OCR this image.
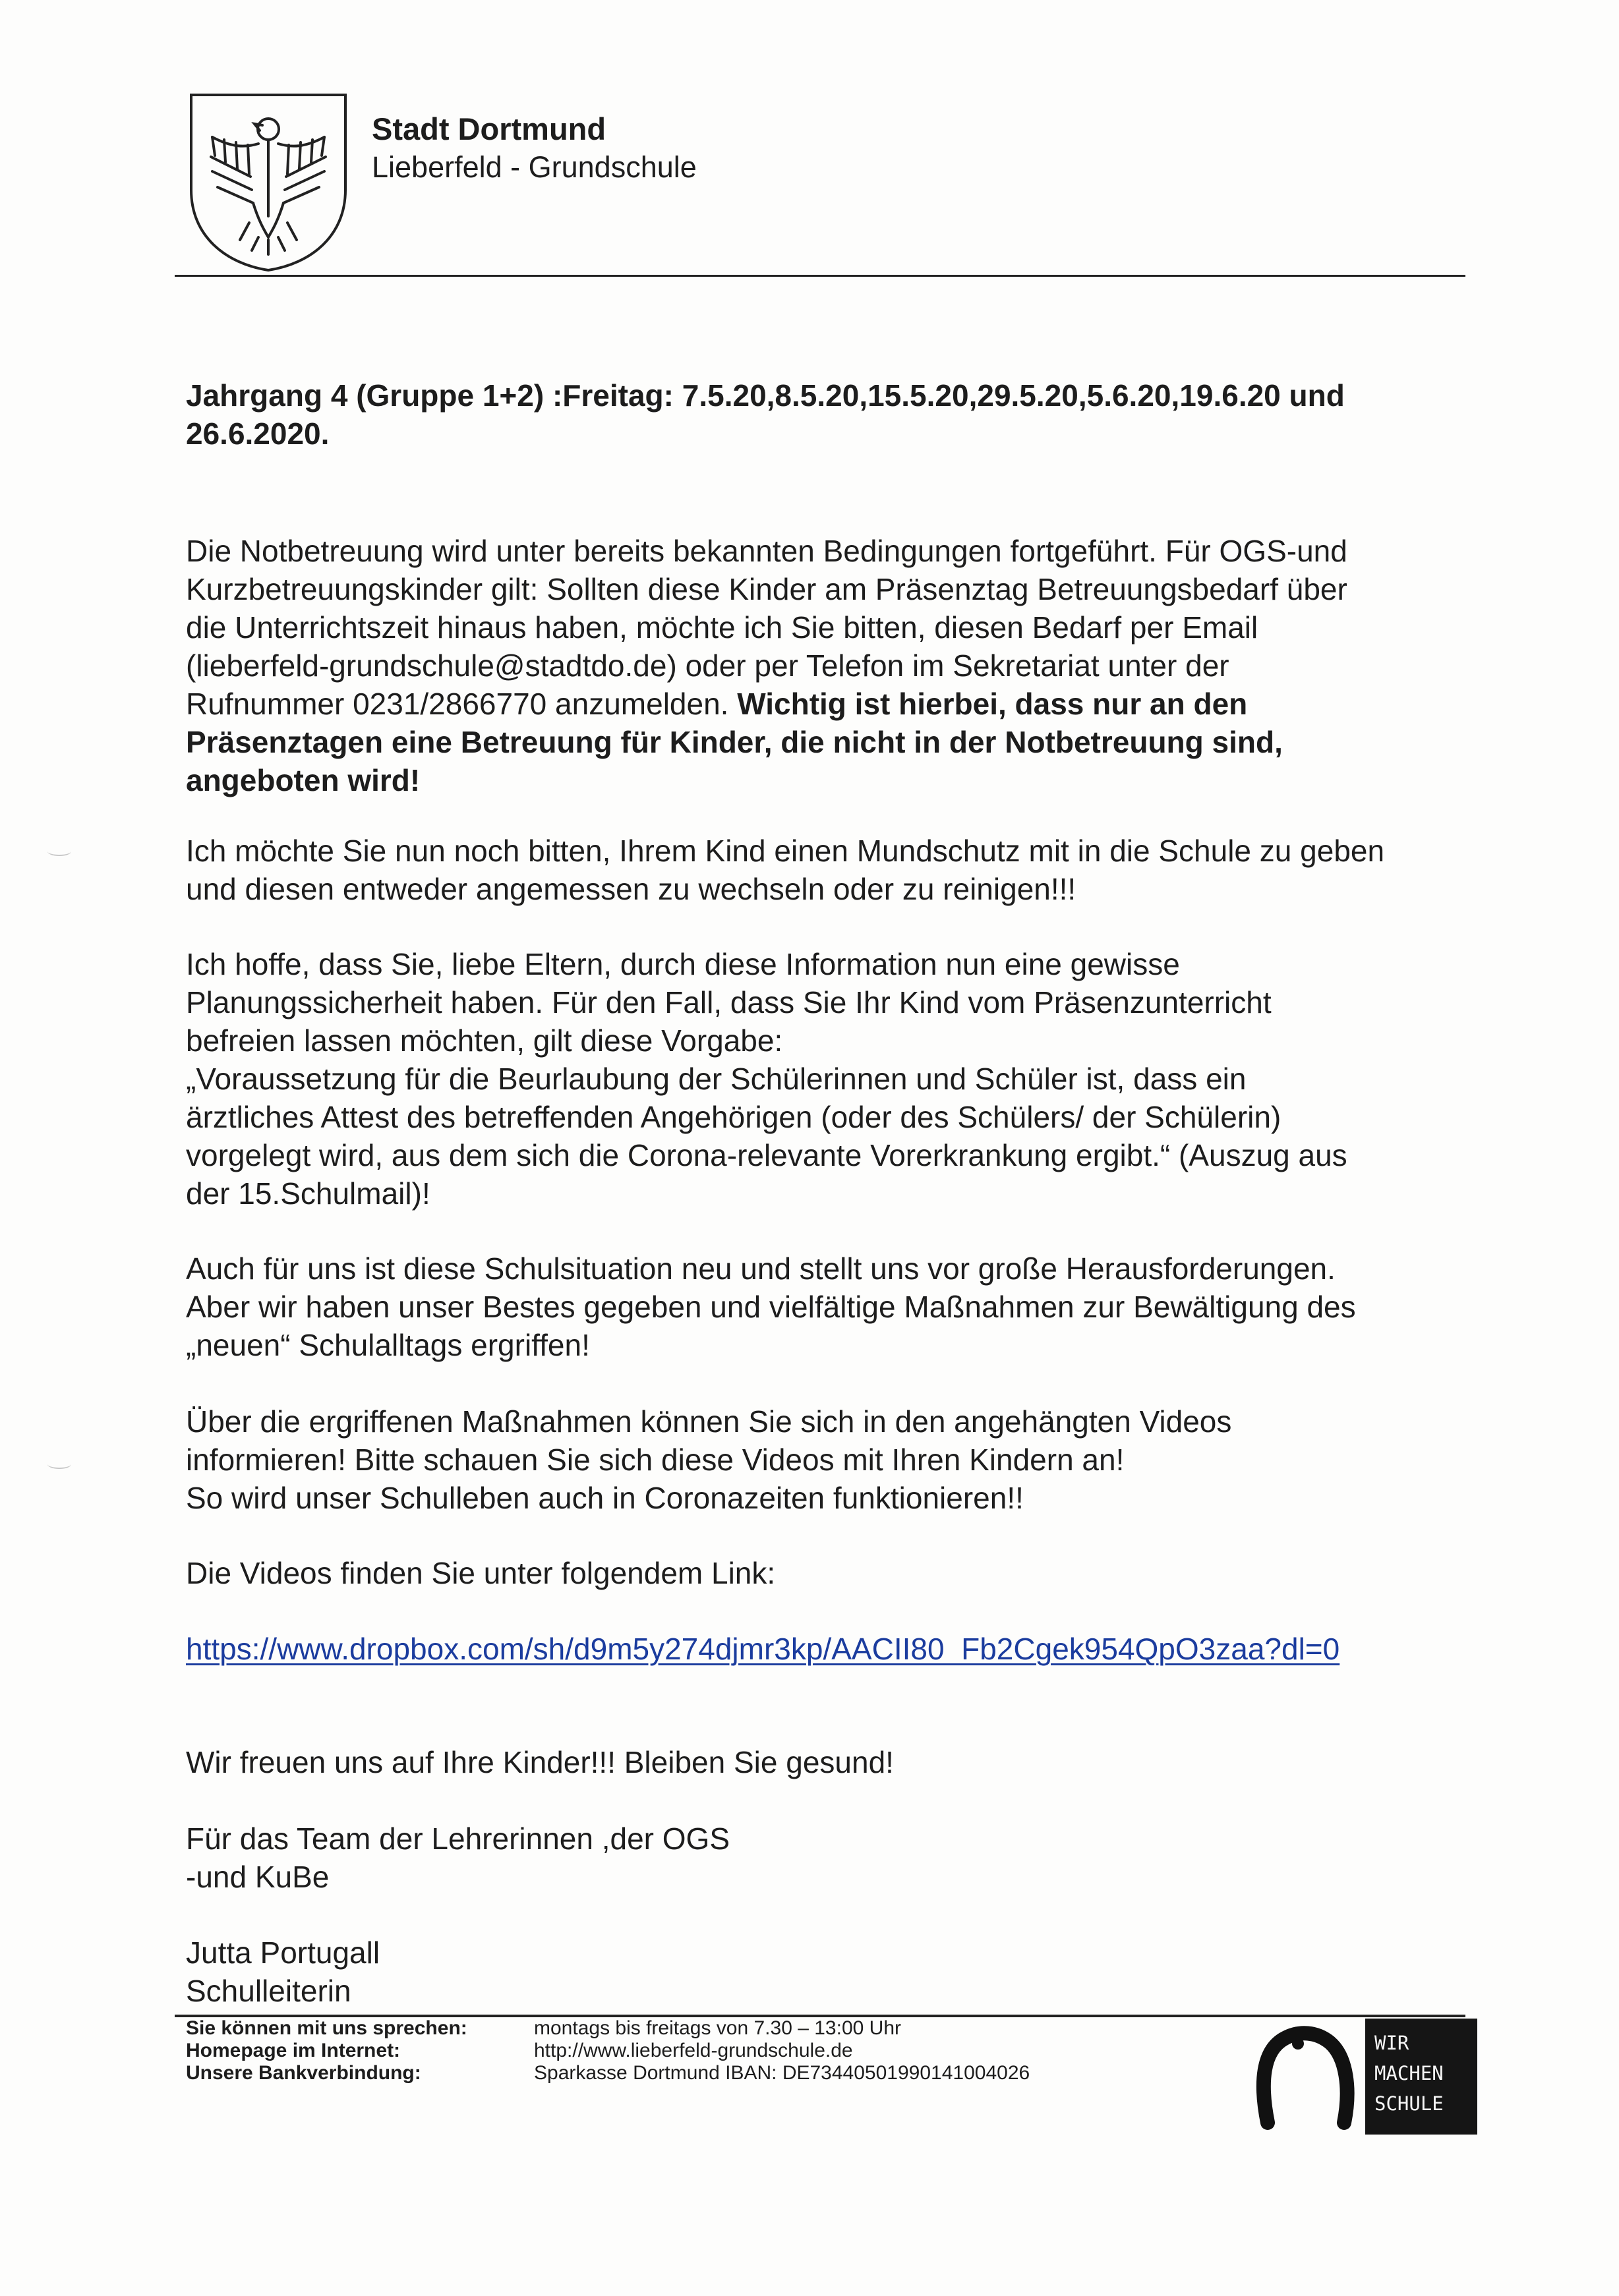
Stadt Dortmund
Lieberfeld - Grundschule
Jahrgang 4 (Gruppe 1+2) :Freitag: 7.5.20,8.5.20,15.5.20,29.5.20,5.6.20,19.6.20 und
26.6.2020.
Die Notbetreuung wird unter bereits bekannten Bedingungen fortgeführt. Für OGS-und
Kurzbetreuungskinder gilt: Sollten diese Kinder am Präsenztag Betreuungsbedarf über
die Unterrichtszeit hinaus haben, möchte ich Sie bitten, diesen Bedarf per Email
(lieberfeld-grundschule@stadtdo.de) oder per Telefon im Sekretariat unter der
Rufnummer 0231/2866770 anzumelden. Wichtig ist hierbei, dass nur an den
Präsenztagen eine Betreuung für Kinder, die nicht in der Notbetreuung sind,
angeboten wird!
Ich möchte Sie nun noch bitten, Ihrem Kind einen Mundschutz mit in die Schule zu geben
und diesen entweder angemessen zu wechseln oder zu reinigen!!!
Ich hoffe, dass Sie, liebe Eltern, durch diese Information nun eine gewisse
Planungssicherheit haben. Für den Fall, dass Sie Ihr Kind vom Präsenzunterricht
befreien lassen möchten, gilt diese Vorgabe:
„Voraussetzung für die Beurlaubung der Schülerinnen und Schüler ist, dass ein
ärztliches Attest des betreffenden Angehörigen (oder des Schülers/ der Schülerin)
vorgelegt wird, aus dem sich die Corona-relevante Vorerkrankung ergibt.“ (Auszug aus
der 15.Schulmail)!
Auch für uns ist diese Schulsituation neu und stellt uns vor große Herausforderungen.
Aber wir haben unser Bestes gegeben und vielfältige Maßnahmen zur Bewältigung des
„neuen“ Schulalltags ergriffen!
Über die ergriffenen Maßnahmen können Sie sich in den angehängten Videos
informieren! Bitte schauen Sie sich diese Videos mit Ihren Kindern an!
So wird unser Schulleben auch in Coronazeiten funktionieren!!
Die Videos finden Sie unter folgendem Link:
https://www.dropbox.com/sh/d9m5y274djmr3kp/AACII80_Fb2Cgek954QpO3zaa?dl=0
Wir freuen uns auf Ihre Kinder!!! Bleiben Sie gesund!
Für das Team der Lehrerinnen ,der OGS
-und KuBe
Jutta Portugall
Schulleiterin
Sie können mit uns sprechen:	montags bis freitags von 7.30 – 13:00 Uhr
Homepage im Internet:	http://www.lieberfeld-grundschule.de
Unsere Bankverbindung:	Sparkasse Dortmund IBAN: DE73440501990141004026
WIR
MACHEN
SCHULE
